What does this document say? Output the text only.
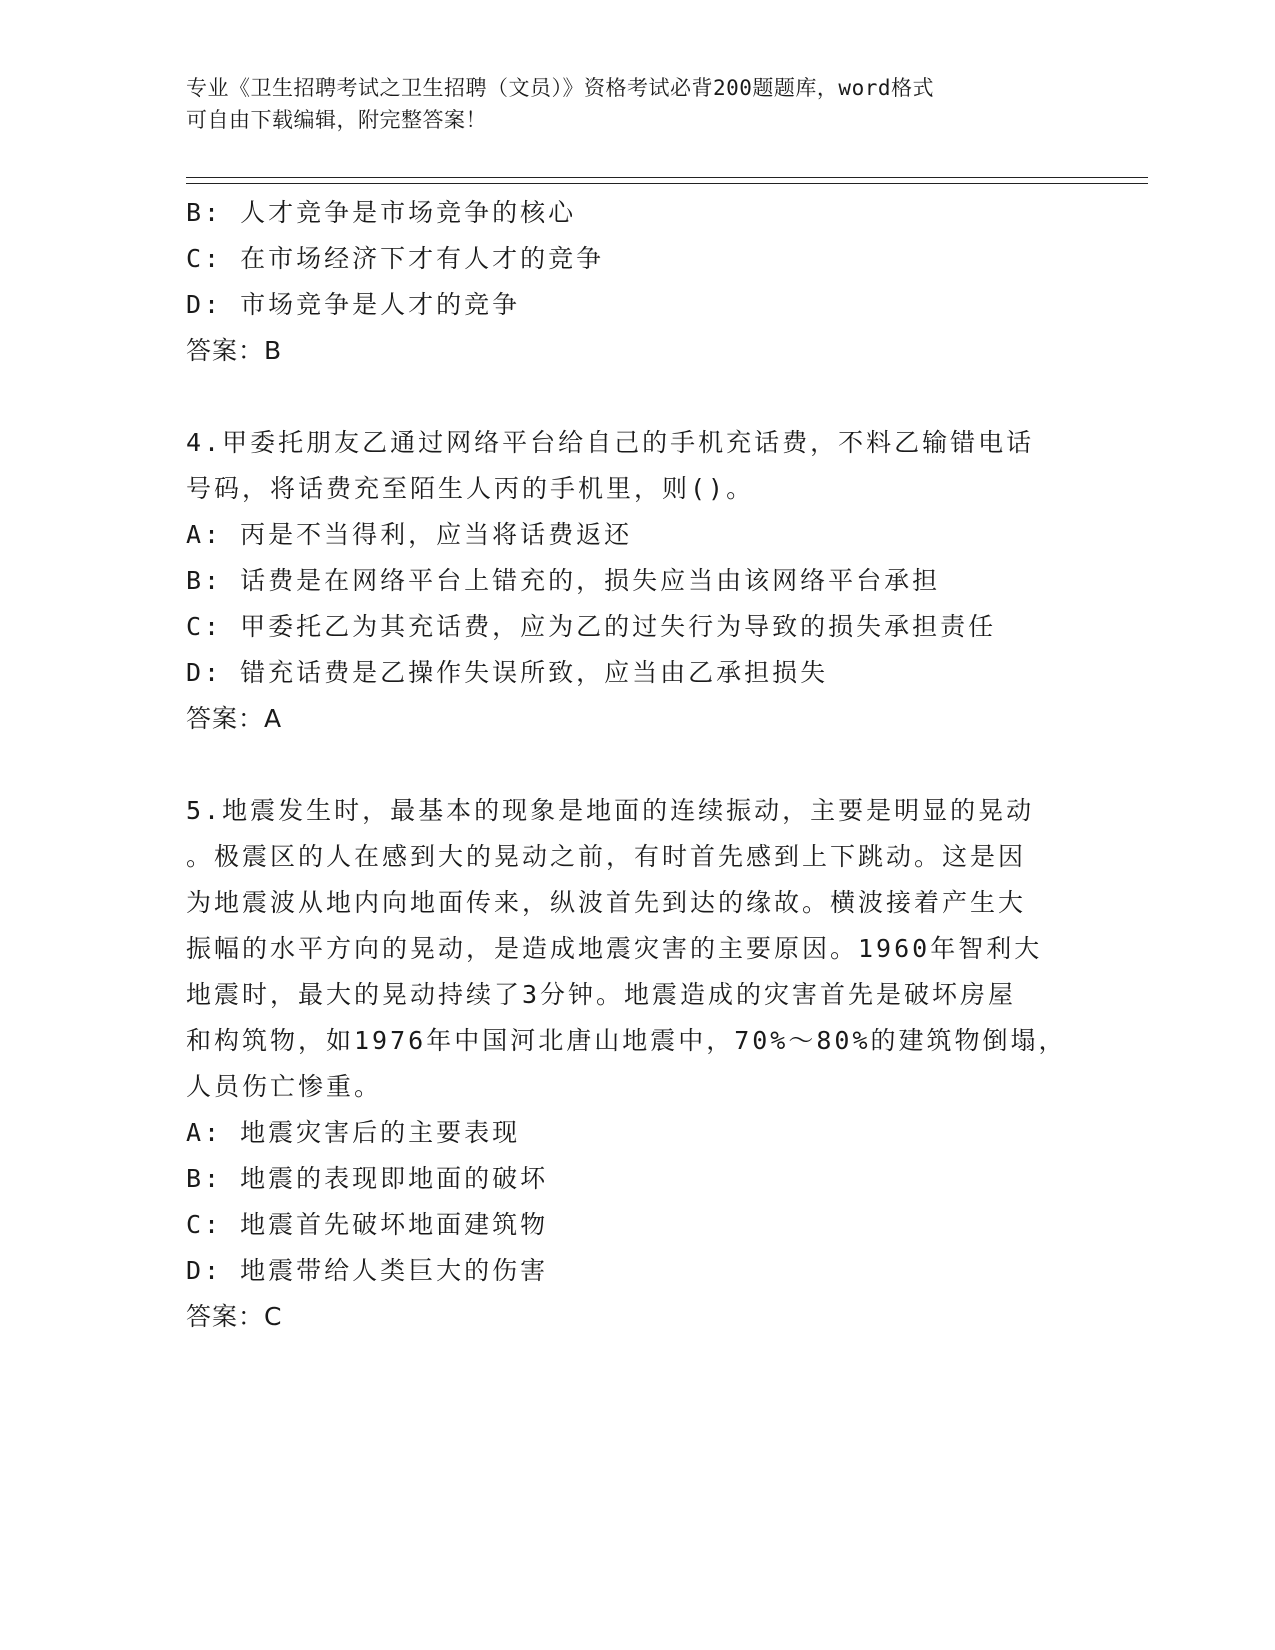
专业《卫生招聘考试之卫生招聘（文员）》资格考试必背200题题库，word格式
可自由下载编辑，附完整答案！
B: 人才竞争是市场竞争的核心
C: 在市场经济下才有人才的竞争
D: 市场竞争是人才的竞争
答案：B
4.甲委托朋友乙通过网络平台给自己的手机充话费，不料乙输错电话
号码，将话费充至陌生人丙的手机里，则()。
A: 丙是不当得利，应当将话费返还
B: 话费是在网络平台上错充的，损失应当由该网络平台承担
C: 甲委托乙为其充话费，应为乙的过失行为导致的损失承担责任
D: 错充话费是乙操作失误所致，应当由乙承担损失
答案：A
5.地震发生时，最基本的现象是地面的连续振动，主要是明显的晃动
。极震区的人在感到大的晃动之前，有时首先感到上下跳动。这是因
为地震波从地内向地面传来，纵波首先到达的缘故。横波接着产生大
振幅的水平方向的晃动，是造成地震灾害的主要原因。1960年智利大
地震时，最大的晃动持续了3分钟。地震造成的灾害首先是破坏房屋
和构筑物，如1976年中国河北唐山地震中，70%～80%的建筑物倒塌，
人员伤亡惨重。
A: 地震灾害后的主要表现
B: 地震的表现即地面的破坏
C: 地震首先破坏地面建筑物
D: 地震带给人类巨大的伤害
答案：C
